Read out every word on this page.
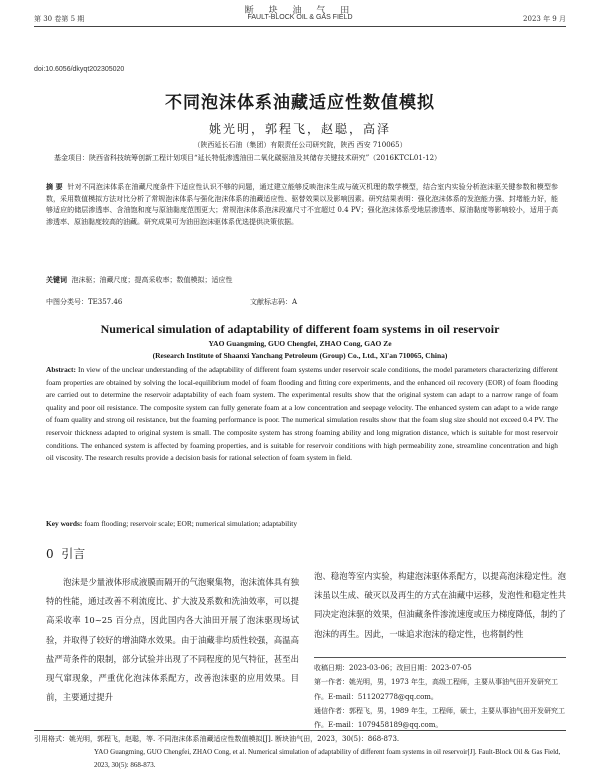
断 块 油 气 田
第 30 卷第 5 期	FAULT-BLOCK OIL & GAS FIELD	2023 年 9 月
doi:10.6056/dkyqt202305020
不同泡沫体系油藏适应性数值模拟
姚光明，郭程飞，赵聪，高泽
（陕西延长石油（集团）有限责任公司研究院，陕西 西安 710065）
基金项目：陕西省科技统筹创新工程计划项目“延长特低渗透油田二氧化碳驱油及其储存关键技术研究”（2016KTCL01-12）
摘 要 针对不同泡沫体系在油藏尺度条件下适应性认识不够的问题，通过建立能够反映泡沫生成与破灭机理的数学模型，结合室内实验分析泡沫驱关键参数和模型参数，采用数值模拟方法对比分析了常规泡沫体系与强化泡沫体系的油藏适应性、驱替效果以及影响因素。研究结果表明：强化泡沫体系的发泡能力强、封堵能力好，能够适应的储层渗透率、含油饱和度与原油黏度范围更大；常规泡沫体系泡沫段塞尺寸不宜超过 0.4 PV；强化泡沫体系受地层渗透率、原油黏度等影响较小，适用于高渗透率、原油黏度较高的油藏。研究成果可为油田泡沫驱体系优选提供决策依据。
关键词 泡沫驱；油藏尺度；提高采收率；数值模拟；适应性
中图分类号：TE357.46	文献标志码：A
Numerical simulation of adaptability of different foam systems in oil reservoir
YAO Guangming, GUO Chengfei, ZHAO Cong, GAO Ze
(Research Institute of Shaanxi Yanchang Petroleum (Group) Co., Ltd., Xi'an 710065, China)
Abstract: In view of the unclear understanding of the adaptability of different foam systems under reservoir scale conditions, the model parameters characterizing different foam properties are obtained by solving the local-equilibrium model of foam flooding and fitting core experiments, and the enhanced oil recovery (EOR) of foam flooding are carried out to determine the reservoir adaptability of each foam system. The experimental results show that the original system can adapt to a narrow range of foam quality and poor oil resistance. The composite system can fully generate foam at a low concentration and seepage velocity. The enhanced system can adapt to a wide range of foam quality and strong oil resistance, but the foaming performance is poor. The numerical simulation results show that the foam slug size should not exceed 0.4 PV. The reservoir thickness adapted to original system is small. The composite system has strong foaming ability and long migration distance, which is suitable for most reservoir conditions. The enhanced system is affected by foaming properties, and is suitable for reservoir conditions with high permeability zone, streamline concentration and high oil viscosity. The research results provide a decision basis for rational selection of foam system in field.
Key words: foam flooding; reservoir scale; EOR; numerical simulation; adaptability
0 引言
泡沫是少量液体形成液膜而隔开的气泡聚集物，泡沫流体具有独特的性能，通过改善不利流度比、扩大波及系数和洗油效率，可以提高采收率 10~25 百分点，因此国内各大油田开展了泡沫驱现场试验，并取得了较好的增油降水效果。由于油藏非均质性较强，高温高盐严苛条件的限制，部分试验并出现了不同程度的见气特征，甚至出现气窜现象，严重优化泡沫体系配方，改善泡沫驱的应用效果。目前，主要通过提升
泡、稳泡等室内实验，构建泡沫驱体系配方，以提高泡沫稳定性。泡沫虽以生成、破灭以及再生的方式在油藏中运移，发泡性和稳定性共同决定泡沫驱的效果，但油藏条件渗流速度或压力梯度降低，制约了泡沫的再生。因此，一味追求泡沫的稳定性，也将制约性
收稿日期：2023-03-06；改回日期：2023-07-05
第一作者：姚光明，男，1973 年生，高级工程师，主要从事油气田开发研究工作。E-mail：511202778@qq.com。
通信作者：郭程飞，男，1989 年生，工程师，硕士，主要从事油气田开发研究工作。E-mail：1079458189@qq.com。
引用格式：姚光明，郭程飞，赵聪，等. 不同泡沫体系油藏适应性数值模拟[J]. 断块油气田，2023，30(5)：868-873.
YAO Guangming, GUO Chengfei, ZHAO Cong, et al. Numerical simulation of adaptability of different foam systems in oil reservoir[J]. Fault-Block Oil & Gas Field, 2023, 30(5): 868-873.
